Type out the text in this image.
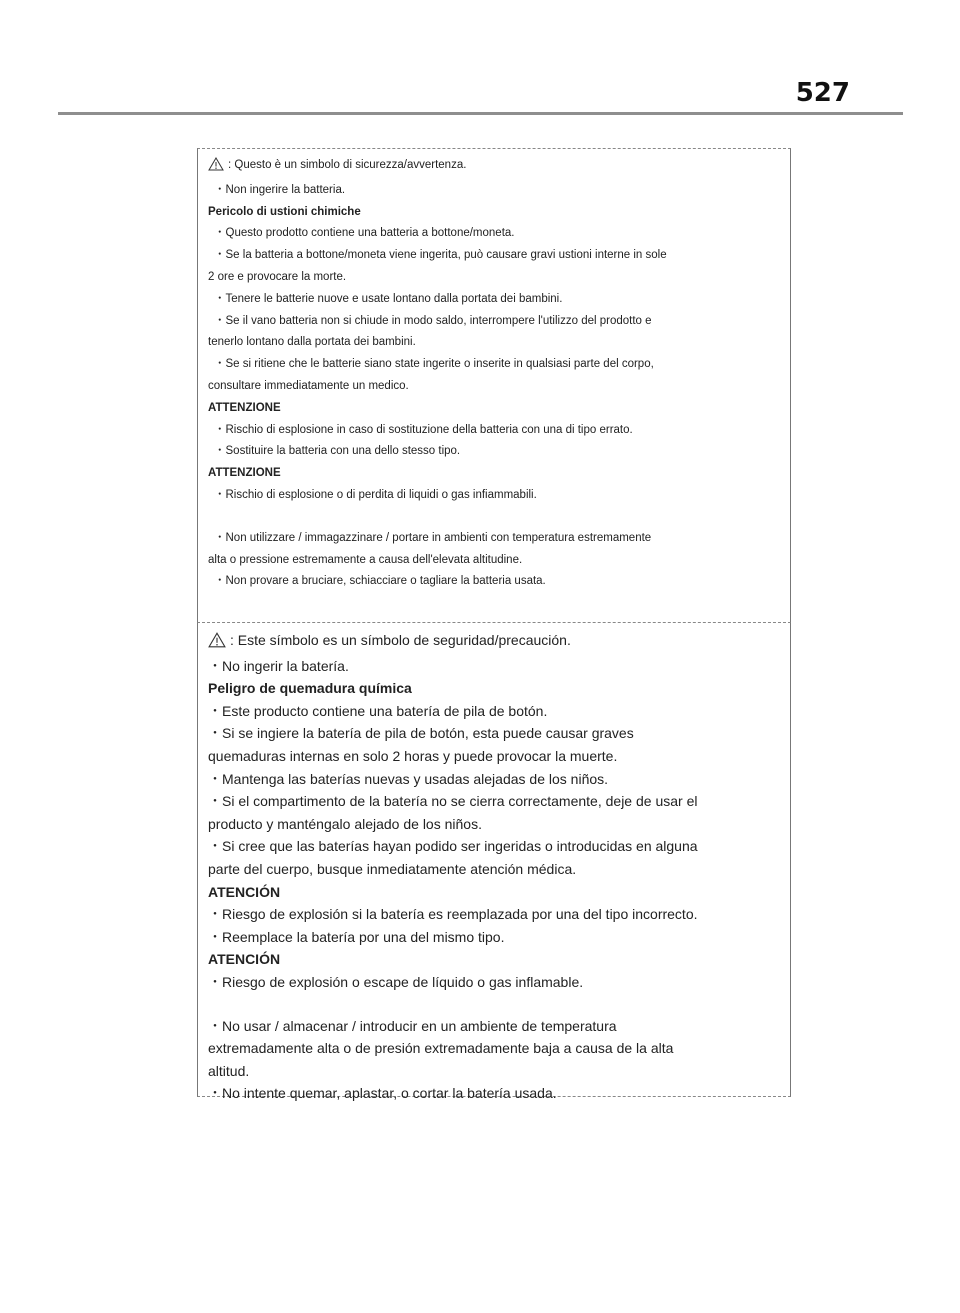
527
: Questo è un simbolo di sicurezza/avvertenza.
・Non ingerire la batteria.
Pericolo di ustioni chimiche
・Questo prodotto contiene una batteria a bottone/moneta.
・Se la batteria a bottone/moneta viene ingerita, può causare gravi ustioni interne in sole
2 ore e provocare la morte.
・Tenere le batterie nuove e usate lontano dalla portata dei bambini.
・Se il vano batteria non si chiude in modo saldo, interrompere l'utilizzo del prodotto e
tenerlo lontano dalla portata dei bambini.
・Se si ritiene che le batterie siano state ingerite o inserite in qualsiasi parte del corpo,
consultare immediatamente un medico.
ATTENZIONE
・Rischio di esplosione in caso di sostituzione della batteria con una di tipo errato.
・Sostituire la batteria con una dello stesso tipo.
ATTENZIONE
・Rischio di esplosione o di perdita di liquidi o gas infiammabili.
・Non utilizzare / immagazzinare / portare in ambienti con temperatura estremamente
alta o pressione estremamente a causa dell'elevata altitudine.
・Non provare a bruciare, schiacciare o tagliare la batteria usata.
: Este símbolo es un símbolo de seguridad/precaución.
・No ingerir la batería.
Peligro de quemadura química
・Este producto contiene una batería de pila de botón.
・Si se ingiere la batería de pila de botón, esta puede causar graves
quemaduras internas en solo 2 horas y puede provocar la muerte.
・Mantenga las baterías nuevas y usadas alejadas de los niños.
・Si el compartimento de la batería no se cierra correctamente, deje de usar el
producto y manténgalo alejado de los niños.
・Si cree que las baterías hayan podido ser ingeridas o introducidas en alguna
parte del cuerpo, busque inmediatamente atención médica.
ATENCIÓN
・Riesgo de explosión si la batería es reemplazada por una del tipo incorrecto.
・Reemplace la batería por una del mismo tipo.
ATENCIÓN
・Riesgo de explosión o escape de líquido o gas inflamable.
・No usar / almacenar / introducir en un ambiente de temperatura
extremadamente alta o de presión extremadamente baja a causa de la alta
altitud.
・No intente quemar, aplastar, o cortar la batería usada.
